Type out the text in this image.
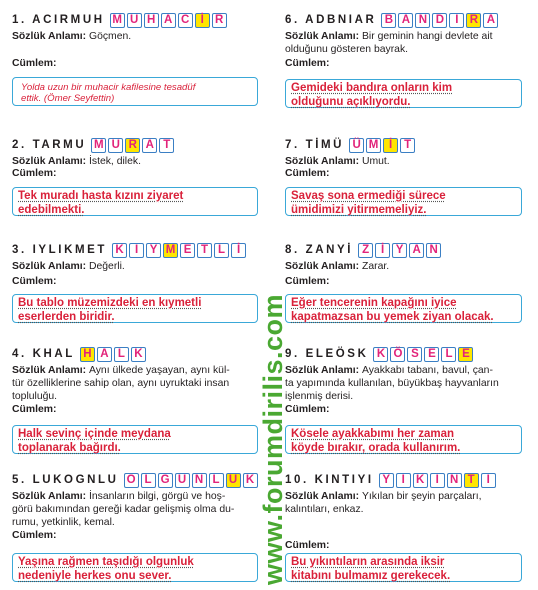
1. ACIRMUH M U H A C İ R
Sözlük Anlamı: Göçmen.
Cümlem:
Yolda uzun bir muhacir kafilesine tesadüf
ettik. (Ömer Seyfettin)
2. TARMU M U R A T
Sözlük Anlamı: İstek, dilek.
Cümlem:
Tek muradı hasta kızını ziyaret
edebilmekti.
3. IYLIKMET K I	Y M E T L	İ
Sözlük Anlamı: Değerli.
Cümlem:
Bu tablo müzemizdeki en kıymetli
eserlerden biridir.
4. KHAL H A L K
Sözlük Anlamı: Aynı ülkede yaşayan, aynı kül-
tür özelliklerine sahip olan, aynı uyruktaki insan
topluluğu.
Cümlem:
Halk sevinç içinde meydana
toplanarak bağırdı.
5. LUKOGNLU O L G U N L U K
Sözlük Anlamı: İnsanların bilgi, görgü ve hoş-
görü bakımından gereği kadar gelişmiş olma du-
rumu, yetkinlik, kemal.
Cümlem:
Yaşına rağmen taşıdığı olgunluk
nedeniyle herkes onu sever.
6. ADBNIAR B A N D I R A
Sözlük Anlamı: Bir geminin hangi devlete ait
olduğunu gösteren bayrak.
Cümlem:
Gemideki bandıra onların kim
olduğunu açıklıyordu.
7. TİMÜ Ü M İ	T
Sözlük Anlamı: Umut.
Cümlem:
Savaş sona ermediği sürece
ümidimizi yitirmemeliyiz.
8. ZANYİ Z	İ	Y A N
Sözlük Anlamı: Zarar.
Cümlem:
Eğer tencerenin kapağını iyice
kapatmazsan bu yemek ziyan olacak.
9. ELEÖSK K Ö S E L E
Sözlük Anlamı: Ayakkabı tabanı, bavul, çan-
ta yapımında kullanılan, büyükbaş hayvanların
işlenmiş derisi.
Cümlem:
Kösele ayakkabımı her zaman
köyde bırakır, orada kullanırım.
10. KINTIYI Y	I K I N T	I
Sözlük Anlamı: Yıkılan bir şeyin parçaları,
kalıntıları, enkaz.
Cümlem:
Bu yıkıntıların arasında iksir
kitabını bulmamız gerekecek.
www.forumdirilis.com
